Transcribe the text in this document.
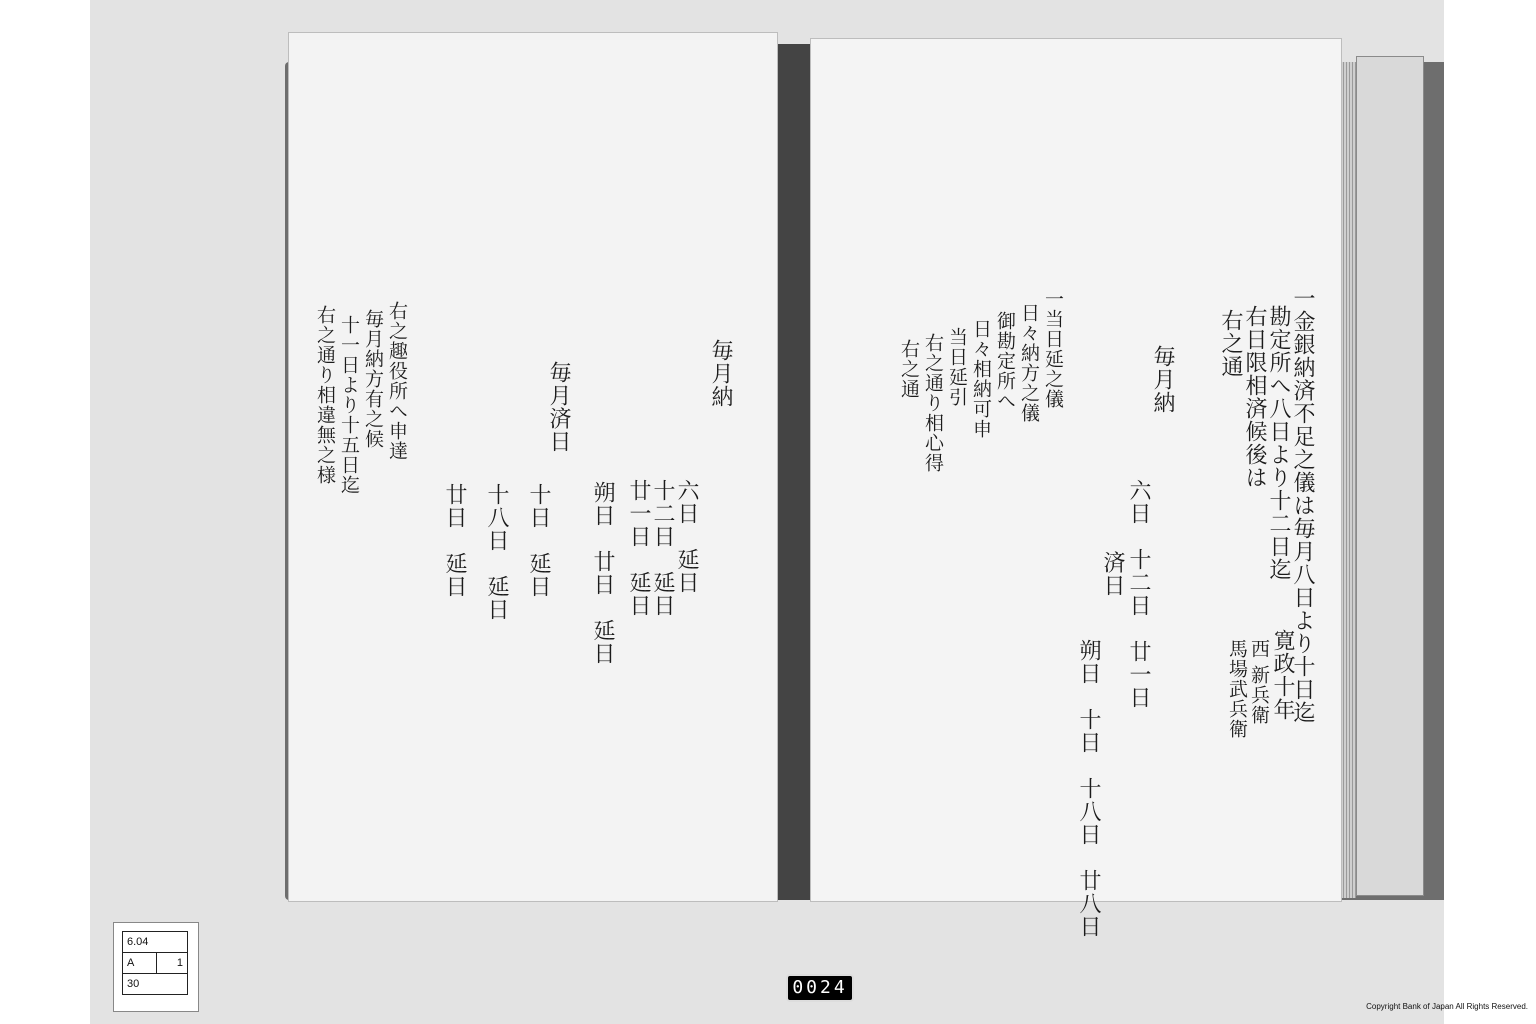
毎月納
六日　延日
十二日　延日
廿一日　延日
朔日　廿日　延日
毎月済日
十日　延日
十八日　延日
廿日　延日
右之趣役所へ申達
毎月納方有之候
十一日より十五日迄
右之通り相違無之様	一金銀納済不足之儀は毎月八日より十日迄
勘定所へ八日より十二日迄
右日限相済候後は
右之通
毎月納
六日　十二日　廿一日
済日
朔日　十日　十八日　廿八日
一当日延之儀
日々納方之儀
御勘定所へ
日々相納可申
当日延引
右之通り相心得
右之通
寛政十年
西
新兵衛
馬場武兵衛
6.04
A	1
30	0024
Copyright Bank of Japan All Rights Reserved.
